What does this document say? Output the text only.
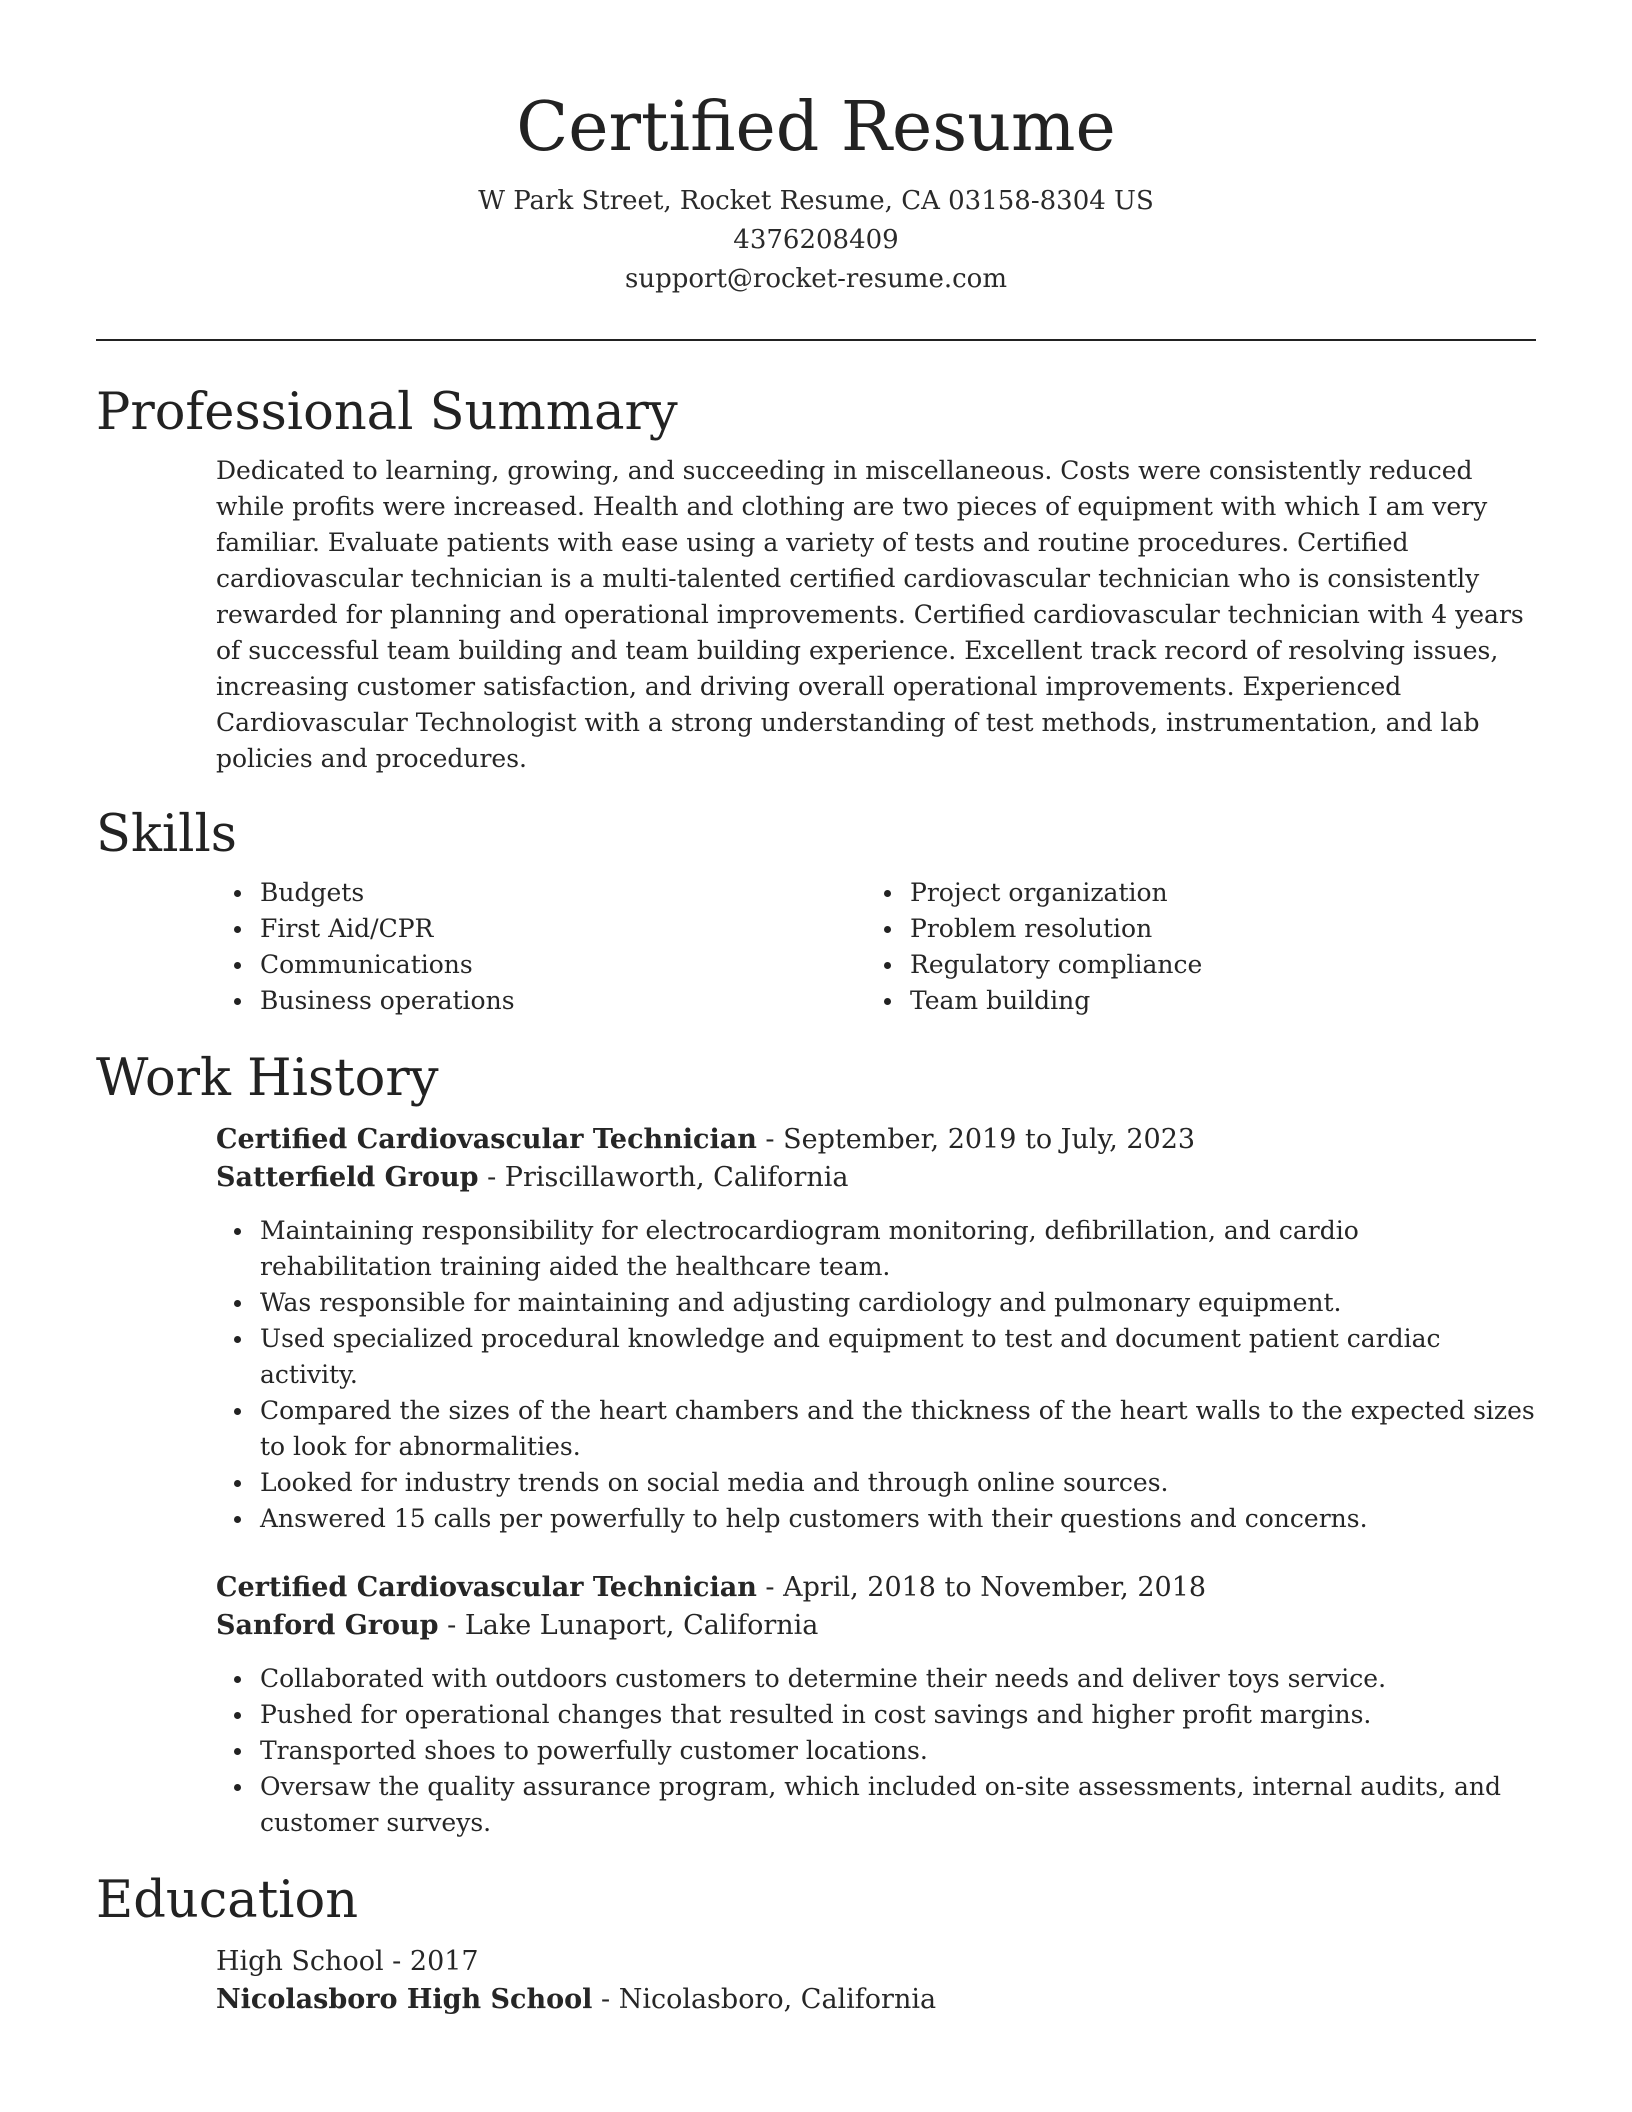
Certified Resume
W Park Street, Rocket Resume, CA 03158-8304 US
4376208409
support@rocket-resume.com
Professional Summary

Dedicated to learning, growing, and succeeding in miscellaneous. Costs were consistently reduced while profits were increased. Health and clothing are two pieces of equipment with which I am very familiar. Evaluate patients with ease using a variety of tests and routine procedures. Certified cardiovascular technician is a multi-talented certified cardiovascular technician who is consistently rewarded for planning and operational improvements. Certified cardiovascular technician with 4 years of successful team building and team building experience. Excellent track record of resolving issues, increasing customer satisfaction, and driving overall operational improvements. Experienced Cardiovascular Technologist with a strong understanding of test methods, instrumentation, and lab policies and procedures.

Skills
Budgets
First Aid/CPR
Communications
Business operations
Project organization
Problem resolution
Regulatory compliance
Team building
Work History
Certified Cardiovascular Technician - September, 2019 to July, 2023
Satterfield Group - Priscillaworth, California
Maintaining responsibility for electrocardiogram monitoring, defibrillation, and cardio rehabilitation training aided the healthcare team.
Was responsible for maintaining and adjusting cardiology and pulmonary equipment.
Used specialized procedural knowledge and equipment to test and document patient cardiac activity.
Compared the sizes of the heart chambers and the thickness of the heart walls to the expected sizes to look for abnormalities.
Looked for industry trends on social media and through online sources.
Answered 15 calls per powerfully to help customers with their questions and concerns.
Certified Cardiovascular Technician - April, 2018 to November, 2018
Sanford Group - Lake Lunaport, California
Collaborated with outdoors customers to determine their needs and deliver toys service.
Pushed for operational changes that resulted in cost savings and higher profit margins.
Transported shoes to powerfully customer locations.
Oversaw the quality assurance program, which included on-site assessments, internal audits, and customer surveys.
Education
High School - 2017
Nicolasboro High School - Nicolasboro, California
